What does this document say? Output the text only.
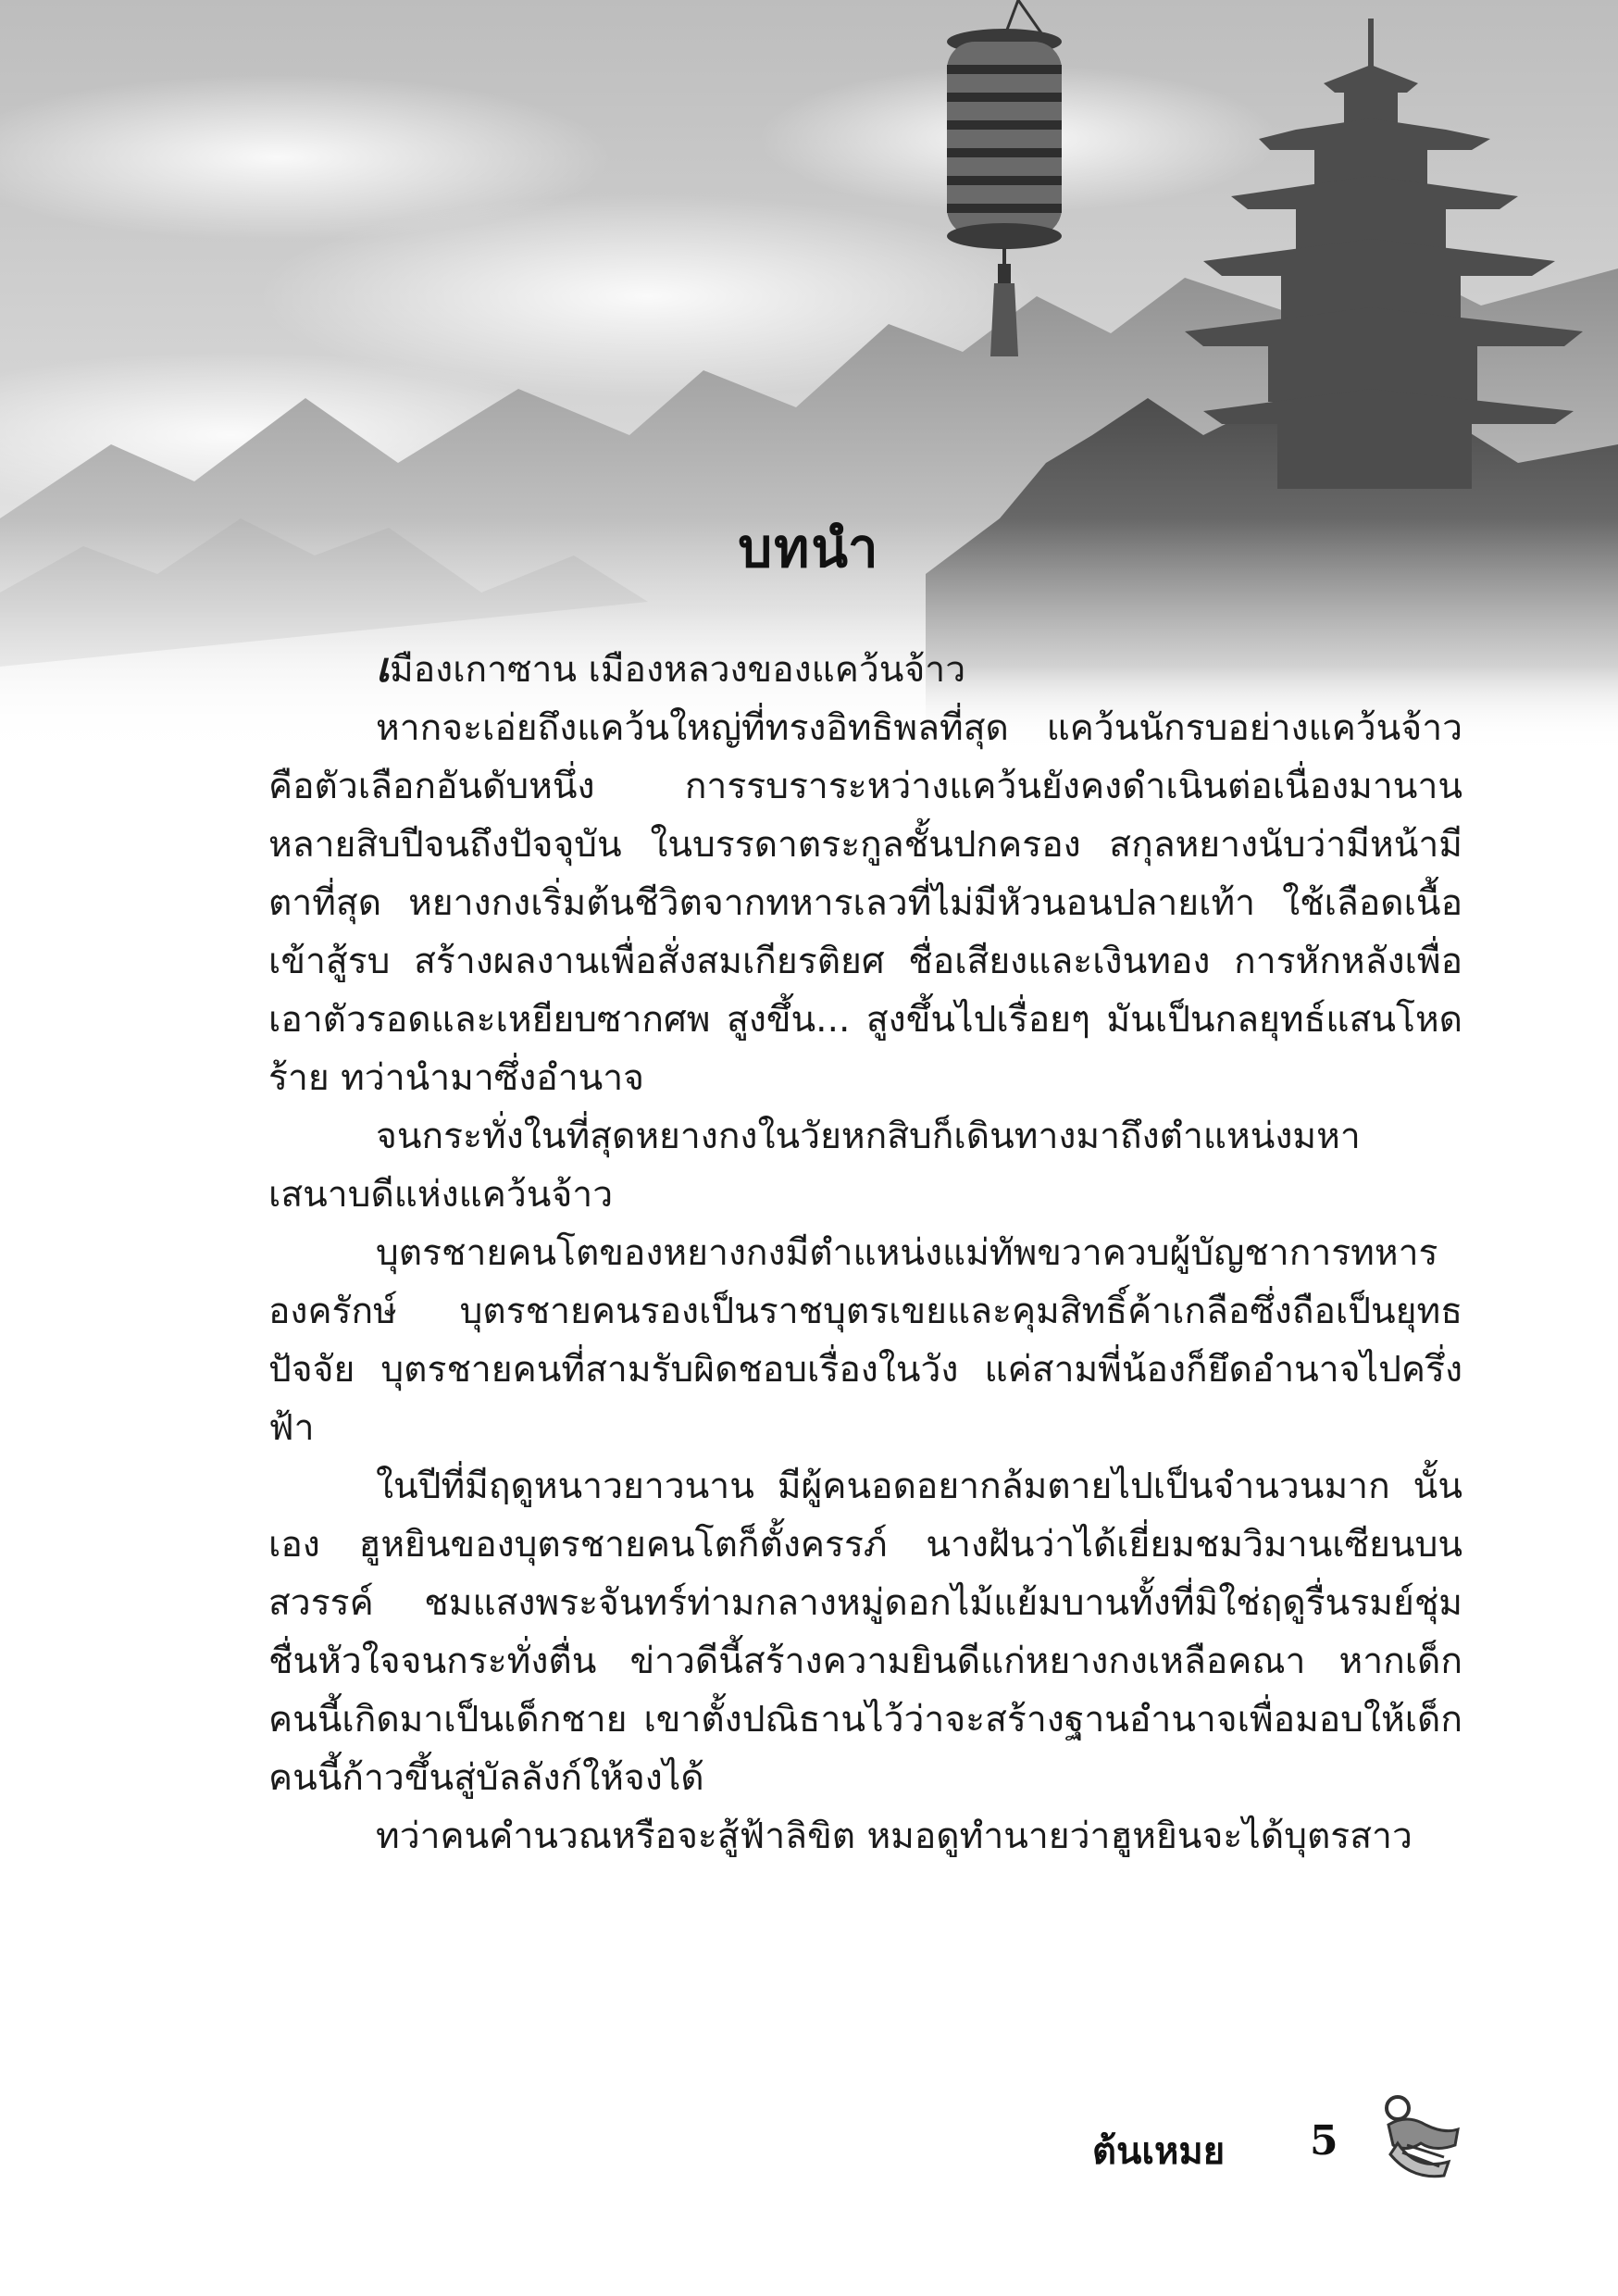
บทนำ

เมืองเกาซาน เมืองหลวงของแคว้นจ้าว

หากจะเอ่ยถึงแคว้นใหญ่ที่ทรงอิทธิพลที่สุด แคว้นนักรบอย่างแคว้นจ้าวคือตัวเลือกอันดับหนึ่ง การรบราระหว่างแคว้นยังคงดำเนินต่อเนื่องมานานหลายสิบปีจนถึงปัจจุบัน ในบรรดาตระกูลชั้นปกครอง สกุลหยางนับว่ามีหน้ามีตาที่สุด หยางกงเริ่มต้นชีวิตจากทหารเลวที่ไม่มีหัวนอนปลายเท้า ใช้เลือดเนื้อเข้าสู้รบ สร้างผลงานเพื่อสั่งสมเกียรติยศ ชื่อเสียงและเงินทอง การหักหลังเพื่อเอาตัวรอดและเหยียบซากศพ สูงขึ้น... สูงขึ้นไปเรื่อยๆ มันเป็นกลยุทธ์แสนโหดร้าย ทว่านำมาซึ่งอำนาจ

จนกระทั่งในที่สุดหยางกงในวัยหกสิบก็เดินทางมาถึงตำแหน่งมหาเสนาบดีแห่งแคว้นจ้าว

บุตรชายคนโตของหยางกงมีตำแหน่งแม่ทัพขวาควบผู้บัญชาการทหารองครักษ์ บุตรชายคนรองเป็นราชบุตรเขยและคุมสิทธิ์ค้าเกลือซึ่งถือเป็นยุทธปัจจัย บุตรชายคนที่สามรับผิดชอบเรื่องในวัง แค่สามพี่น้องก็ยึดอำนาจไปครึ่งฟ้า

ในปีที่มีฤดูหนาวยาวนาน มีผู้คนอดอยากล้มตายไปเป็นจำนวนมาก นั้นเอง ฮูหยินของบุตรชายคนโตก็ตั้งครรภ์ นางฝันว่าได้เยี่ยมชมวิมานเซียนบนสวรรค์ ชมแสงพระจันทร์ท่ามกลางหมู่ดอกไม้แย้มบานทั้งที่มิใช่ฤดูรื่นรมย์ชุ่มชื่นหัวใจจนกระทั่งตื่น ข่าวดีนี้สร้างความยินดีแก่หยางกงเหลือคณา หากเด็กคนนี้เกิดมาเป็นเด็กชาย เขาตั้งปณิธานไว้ว่าจะสร้างฐานอำนาจเพื่อมอบให้เด็กคนนี้ก้าวขึ้นสู่บัลลังก์ให้จงได้

ทว่าคนคำนวณหรือจะสู้ฟ้าลิขิต หมอดูทำนายว่าฮูหยินจะได้บุตรสาว

ต้นเหมย 5
